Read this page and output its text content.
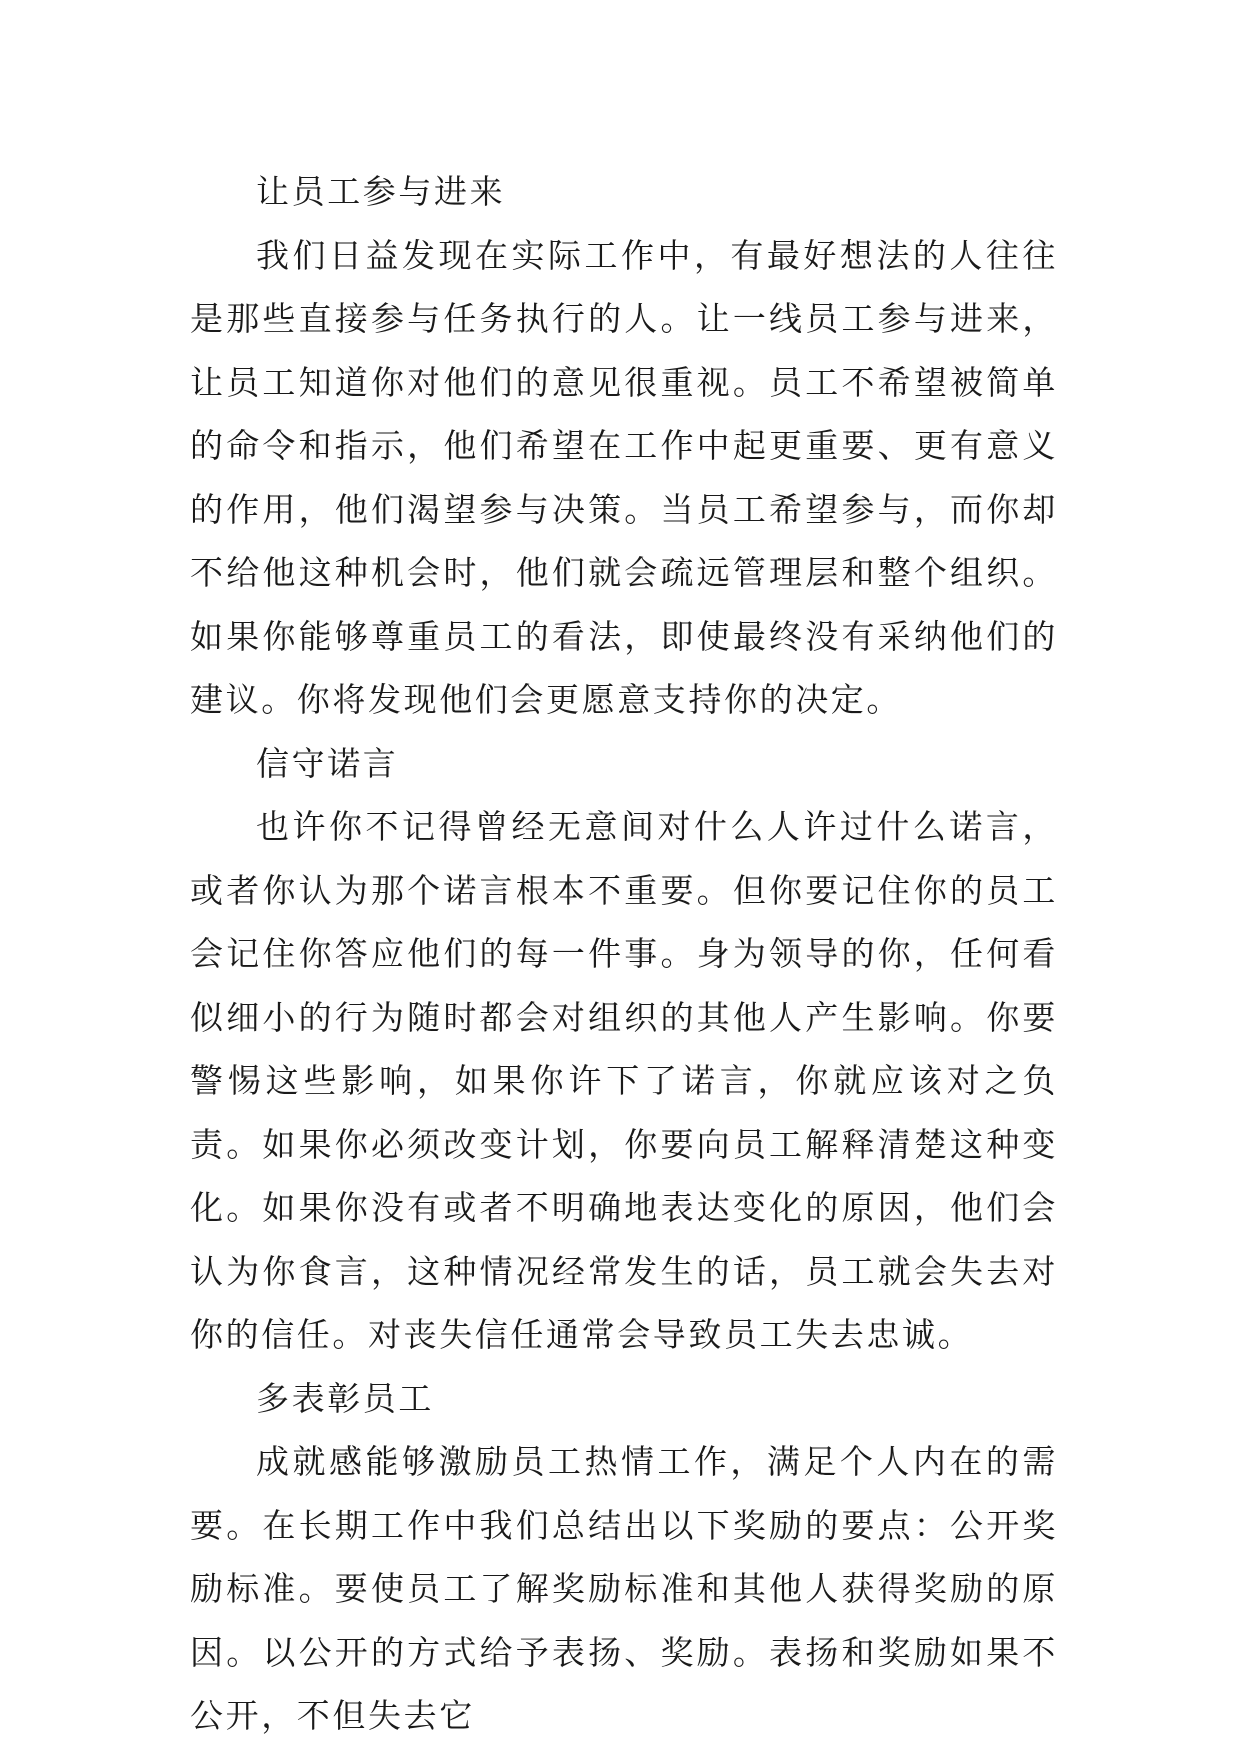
让员工参与进来

我们日益发现在实际工作中，有最好想法的人往往是那些直接参与任务执行的人。让一线员工参与进来，让员工知道你对他们的意见很重视。员工不希望被简单的命令和指示，他们希望在工作中起更重要、更有意义的作用，他们渴望参与决策。当员工希望参与，而你却不给他这种机会时，他们就会疏远管理层和整个组织。如果你能够尊重员工的看法，即使最终没有采纳他们的建议。你将发现他们会更愿意支持你的决定。

信守诺言

也许你不记得曾经无意间对什么人许过什么诺言，或者你认为那个诺言根本不重要。但你要记住你的员工会记住你答应他们的每一件事。身为领导的你，任何看似细小的行为随时都会对组织的其他人产生影响。你要警惕这些影响，如果你许下了诺言，你就应该对之负责。如果你必须改变计划，你要向员工解释清楚这种变化。如果你没有或者不明确地表达变化的原因，他们会认为你食言，这种情况经常发生的话，员工就会失去对你的信任。对丧失信任通常会导致员工失去忠诚。

多表彰员工

成就感能够激励员工热情工作，满足个人内在的需要。在长期工作中我们总结出以下奖励的要点：公开奖励标准。要使员工了解奖励标准和其他人获得奖励的原因。以公开的方式给予表扬、奖励。表扬和奖励如果不公开，不但失去它
